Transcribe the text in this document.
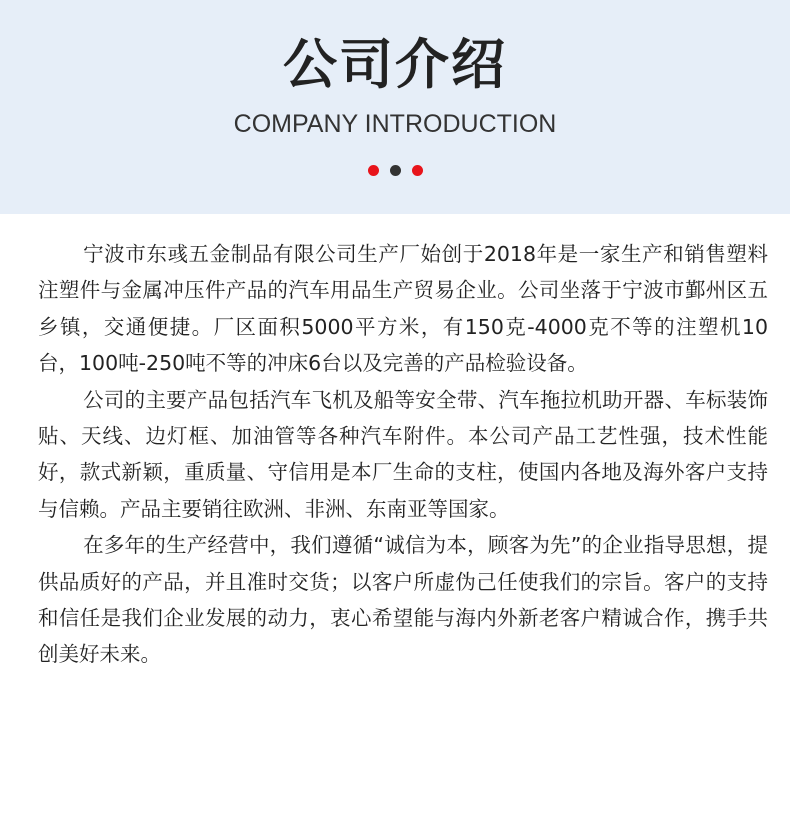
公司介绍
COMPANY INTRODUCTION

宁波市东彧五金制品有限公司生产厂始创于2018年是一家生产和销售塑料注塑件与金属冲压件产品的汽车用品生产贸易企业。公司坐落于宁波市鄞州区五乡镇，交通便捷。厂区面积5000平方米，有150克-4000克不等的注塑机10台，100吨-250吨不等的冲床6台以及完善的产品检验设备。

公司的主要产品包括汽车飞机及船等安全带、汽车拖拉机助开器、车标装饰贴、天线、边灯框、加油管等各种汽车附件。本公司产品工艺性强，技术性能好，款式新颖，重质量、守信用是本厂生命的支柱，使国内各地及海外客户支持与信赖。产品主要销往欧洲、非洲、东南亚等国家。

在多年的生产经营中，我们遵循“诚信为本，顾客为先”的企业指导思想，提供品质好的产品，并且准时交货；以客户所虚伪己任使我们的宗旨。客户的支持和信任是我们企业发展的动力，衷心希望能与海内外新老客户精诚合作，携手共创美好未来。
